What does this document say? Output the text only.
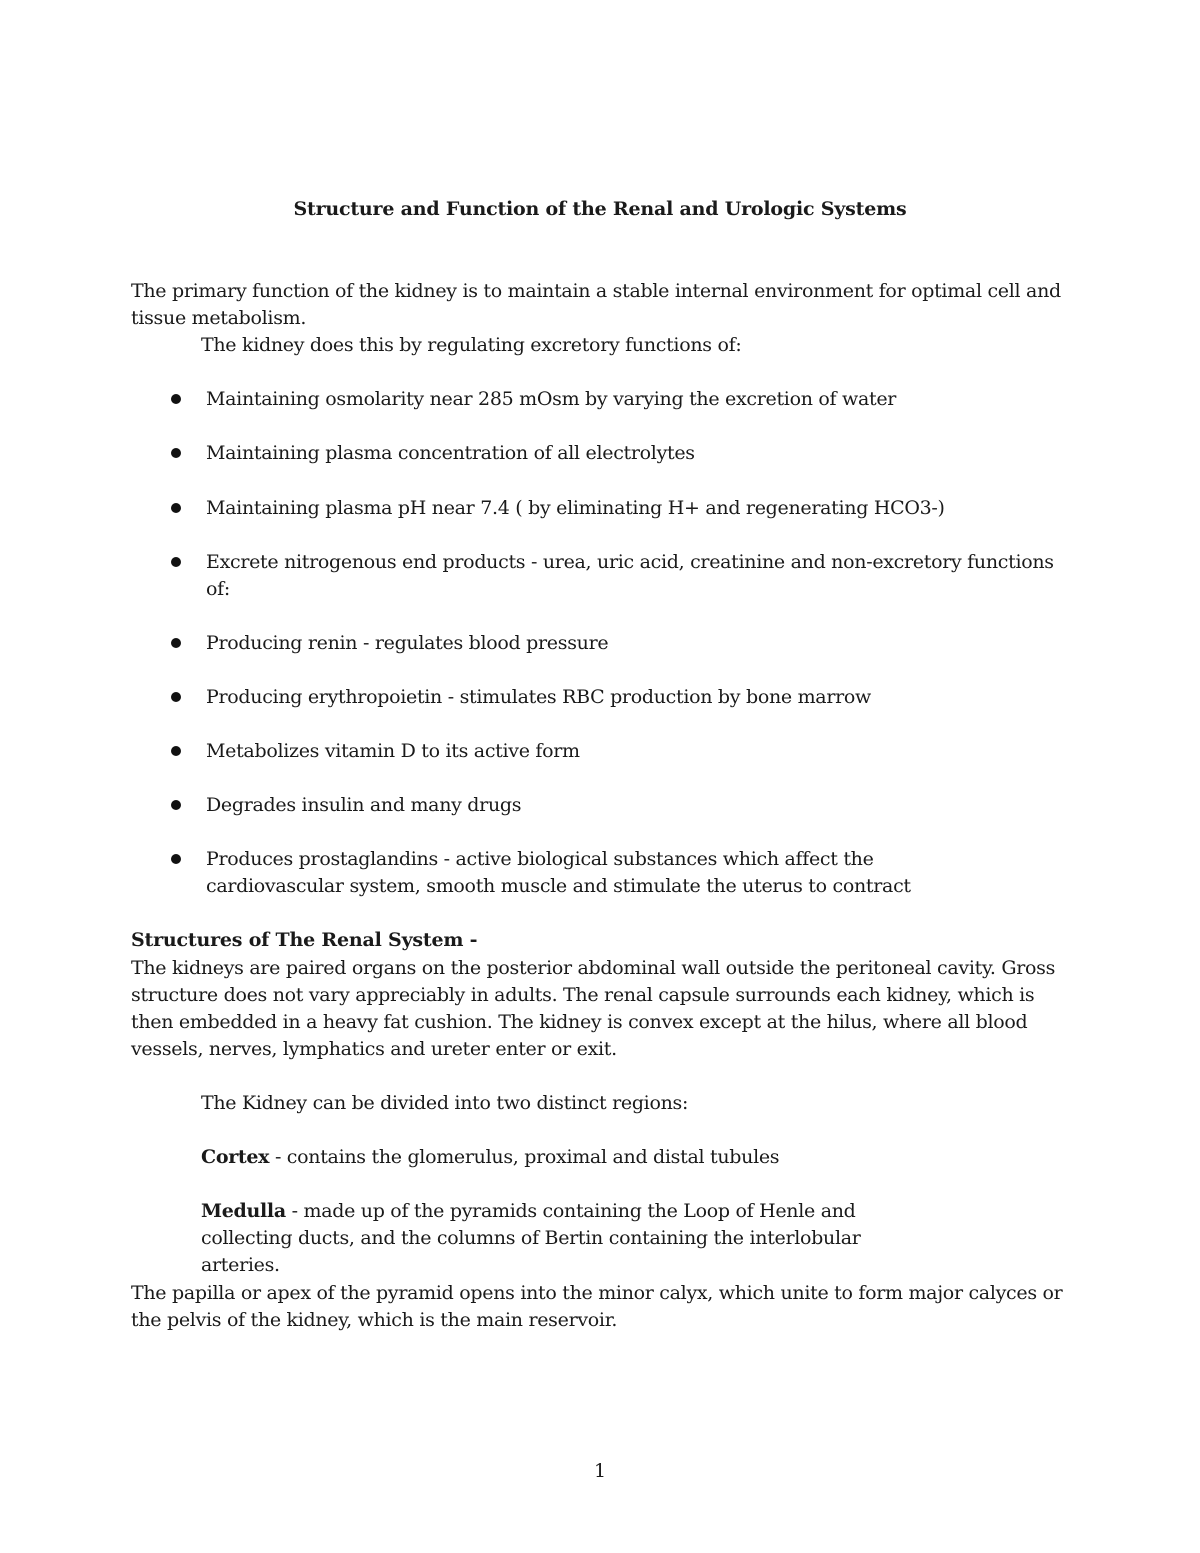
Structure and Function of the Renal and Urologic Systems
The primary function of the kidney is to maintain a stable internal environment for optimal cell and tissue metabolism.
The kidney does this by regulating excretory functions of:
Maintaining osmolarity near 285 mOsm by varying the excretion of water
Maintaining plasma concentration of all electrolytes
Maintaining plasma pH near 7.4 ( by eliminating H+ and regenerating HCO3-)
Excrete nitrogenous end products - urea, uric acid, creatinine and non-excretory functions of:
Producing renin - regulates blood pressure
Producing erythropoietin - stimulates RBC production by bone marrow
Metabolizes vitamin D to its active form
Degrades insulin and many drugs
Produces prostaglandins - active biological substances which affect the cardiovascular system, smooth muscle and stimulate the uterus to contract
Structures of The Renal System -
The kidneys are paired organs on the posterior abdominal wall outside the peritoneal cavity. Gross structure does not vary appreciably in adults. The renal capsule surrounds each kidney, which is then embedded in a heavy fat cushion. The kidney is convex except at the hilus, where all blood vessels, nerves, lymphatics and ureter enter or exit.
The Kidney can be divided into two distinct regions:
Cortex - contains the glomerulus, proximal and distal tubules
Medulla - made up of the pyramids containing the Loop of Henle and collecting ducts, and the columns of Bertin containing the interlobular arteries.
The papilla or apex of the pyramid opens into the minor calyx, which unite to form major calyces or the pelvis of the kidney, which is the main reservoir.
1
